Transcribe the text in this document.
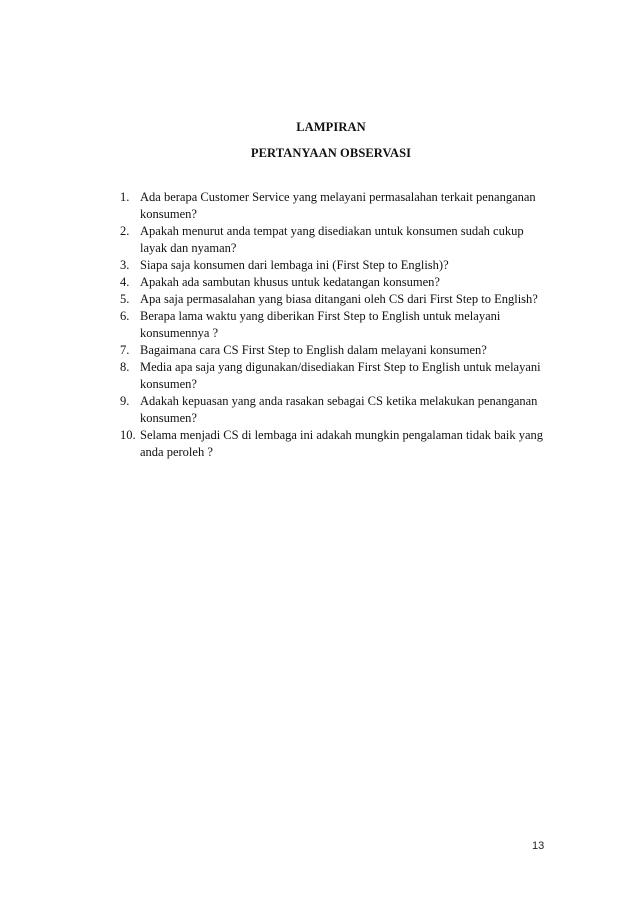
LAMPIRAN
PERTANYAAN OBSERVASI
1. Ada berapa Customer Service yang melayani permasalahan terkait penanganan konsumen?
2. Apakah menurut anda tempat yang disediakan untuk konsumen sudah cukup layak dan nyaman?
3. Siapa saja konsumen dari lembaga ini (First Step to English)?
4. Apakah ada sambutan khusus untuk kedatangan konsumen?
5. Apa saja permasalahan yang biasa ditangani oleh CS dari First Step to English?
6. Berapa lama waktu yang diberikan First Step to English untuk melayani konsumennya ?
7. Bagaimana cara CS First Step to English dalam melayani konsumen?
8. Media apa saja yang digunakan/disediakan First Step to English untuk melayani konsumen?
9. Adakah kepuasan yang anda rasakan sebagai CS ketika melakukan penanganan konsumen?
10. Selama menjadi CS di lembaga ini adakah mungkin pengalaman tidak baik yang anda peroleh ?
13
